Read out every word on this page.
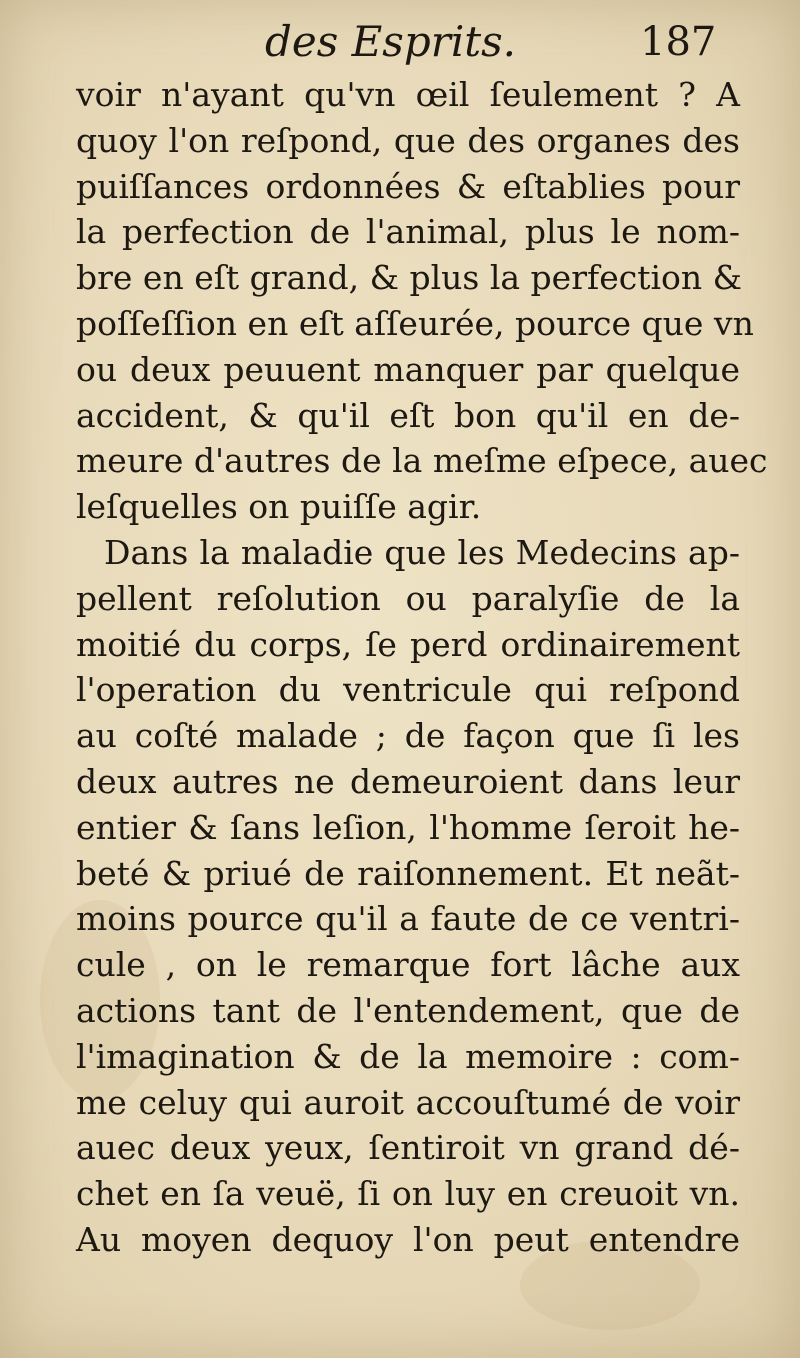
des Esprits.	187
voir n'ayant qu'vn œil ſeulement ? A
quoy l'on reſpond, que des organes des
puiſſances ordonnées & eſtablies pour
la perfection de l'animal, plus le nom-
bre en eſt grand, & plus la perfection &
poſſeſſion en eſt aſſeurée, pource que vn
ou deux peuuent manquer par quelque
accident, & qu'il eſt bon qu'il en de-
meure d'autres de la meſme eſpece, auec
leſquelles on puiſſe agir.
Dans la maladie que les Medecins ap-
pellent reſolution ou paralyſie de la
moitié du corps, ſe perd ordinairement
l'operation du ventricule qui reſpond
au coſté malade ; de façon que ſi les
deux autres ne demeuroient dans leur
entier & ſans leſion, l'homme ſeroit he-
beté & priué de raiſonnement. Et neãt-
moins pource qu'il a faute de ce ventri-
cule , on le remarque fort lâche aux
actions tant de l'entendement, que de
l'imagination & de la memoire : com-
me celuy qui auroit accouſtumé de voir
auec deux yeux, ſentiroit vn grand dé-
chet en ſa veuë, ſi on luy en creuoit vn.
Au moyen dequoy l'on peut entendre
